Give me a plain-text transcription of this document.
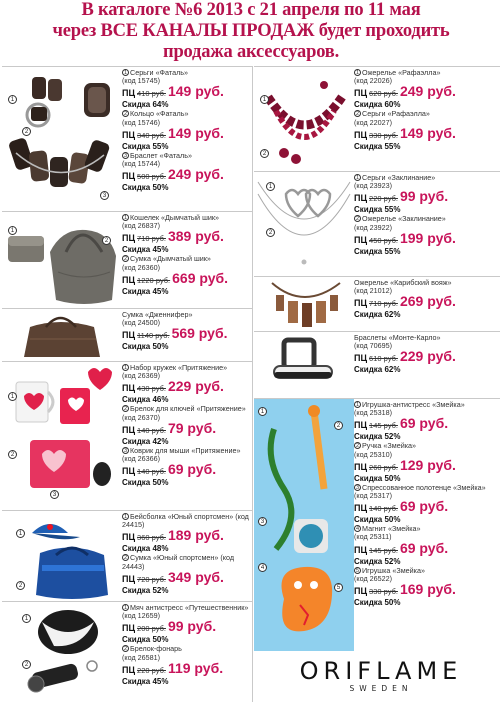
В каталоге №6 2013 с 21 апреля по 11 мая
через ВСЕ КАНАЛЫ ПРОДАЖ будет проходить
продажа аксессуаров.
1
2
3
1 Серьги «Фаталь»
(код 15745)
ПЦ 410 руб. 149 руб.
Скидка 64%
2 Кольцо «Фаталь»
(код 15746)
ПЦ 340 руб. 149 руб.
Скидка 55%
3 Браслет «Фаталь»
(код 15744)
ПЦ 500 руб. 249 руб.
Скидка 50%
1
2
1 Кошелек «Дымчатый шик»
(код 26837)
ПЦ 710 руб. 389 руб.
Скидка 45%
2 Сумка «Дымчатый шик»
(код 26360)
ПЦ 1220 руб. 669 руб.
Скидка 45%
Сумка «Дженнифер»
(код 24500)
ПЦ 1140 руб. 569 руб.
Скидка 50%
1
2
3
1 Набор кружек «Притяжение»
(код 26369)
ПЦ 430 руб. 229 руб.
Скидка 46%
2 Брелок для ключей «Притяжение» (код 26370)
ПЦ 140 руб. 79 руб.
Скидка 42%
3 Коврик для мыши «Притяжение»
(код 26366)
ПЦ 140 руб. 69 руб.
Скидка 50%
1
2
1 Бейсболка «Юный спортсмен» (код 24415)
ПЦ 360 руб. 189 руб.
Скидка 48%
2 Сумка «Юный спортсмен» (код 24443)
ПЦ 720 руб. 349 руб.
Скидка 52%
1
2
1 Мяч антистресс «Путешественник» (код 12659)
ПЦ 200 руб. 99 руб.
Скидка 50%
2 Брелок-фонарь
(код 26581)
ПЦ 220 руб. 119 руб.
Скидка 45%
1
2
1 Ожерелье «Рафаэлла»
(код 22026)
ПЦ 620 руб. 249 руб.
Скидка 60%
2 Серьги «Рафаэлла»
(код 22027)
ПЦ 330 руб. 149 руб.
Скидка 55%
1
2
1 Серьги «Заклинание»
(код 23923)
ПЦ 220 руб. 99 руб.
Скидка 55%
2 Ожерелье «Заклинание»
(код 23922)
ПЦ 450 руб. 199 руб.
Скидка 55%
Ожерелье «Карибский вояж»
(код 21012)
ПЦ 710 руб. 269 руб.
Скидка 62%
Браслеты «Монте-Карло»
(код 70695)
ПЦ 610 руб. 229 руб.
Скидка 62%
1
2
3
4
5
1 Игрушка-антистресс «Змейка»
(код 25318)
ПЦ 145 руб. 69 руб.
Скидка 52%
2 Ручка «Змейка»
(код 25310)
ПЦ 260 руб. 129 руб.
Скидка 50%
3 Спрессованное полотенце «Змейка»
(код 25317)
ПЦ 140 руб. 69 руб.
Скидка 50%
4 Магнит «Змейка»
(код 25311)
ПЦ 145 руб. 69 руб.
Скидка 52%
5 Игрушка «Змейка»
(код 26522)
ПЦ 330 руб. 169 руб.
Скидка 50%
ORIFLAME
SWEDEN
